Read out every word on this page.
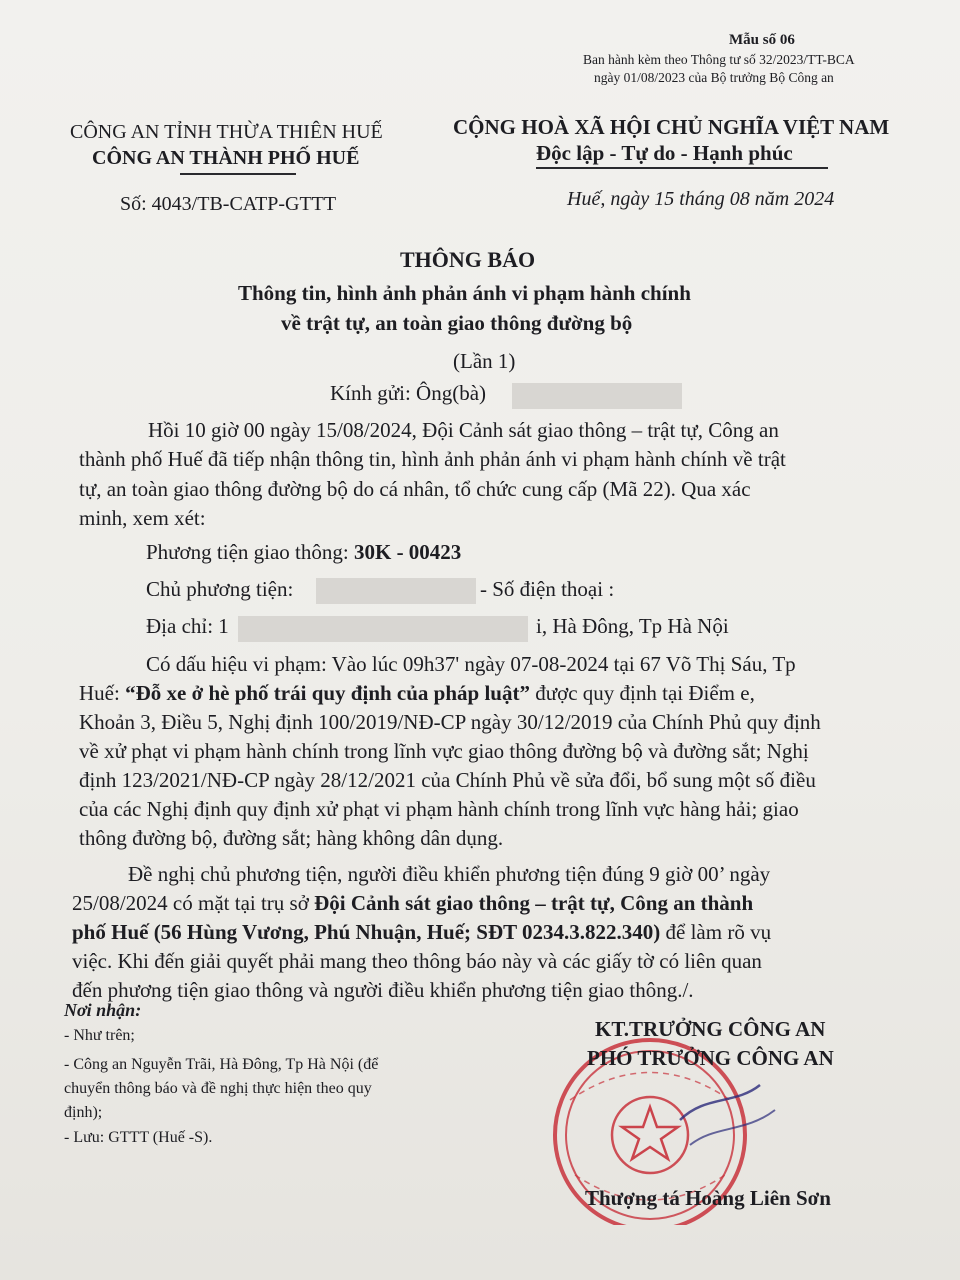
Mẫu số 06
Ban hành kèm theo Thông tư số 32/2023/TT-BCA
ngày 01/08/2023 của Bộ trưởng Bộ Công an
CÔNG AN TỈNH THỪA THIÊN HUẾ
CÔNG AN THÀNH PHỐ HUẾ
Số: 4043/TB-CATP-GTTT
CỘNG HOÀ XÃ HỘI CHỦ NGHĨA VIỆT NAM
Độc lập - Tự do - Hạnh phúc
Huế, ngày 15 tháng 08 năm 2024
THÔNG BÁO
Thông tin, hình ảnh phản ánh vi phạm hành chính
về trật tự, an toàn giao thông đường bộ
(Lần 1)
Kính gửi: Ông(bà)
Hồi 10 giờ 00 ngày 15/08/2024, Đội Cảnh sát giao thông – trật tự, Công an
thành phố Huế đã tiếp nhận thông tin, hình ảnh phản ánh vi phạm hành chính về trật
tự, an toàn giao thông đường bộ do cá nhân, tổ chức cung cấp (Mã 22). Qua xác
minh, xem xét:
Phương tiện giao thông: 30K - 00423
Chủ phương tiện:	- Số điện thoại :
Địa chỉ: 1	i, Hà Đông, Tp Hà Nội
Có dấu hiệu vi phạm: Vào lúc 09h37' ngày 07-08-2024 tại 67 Võ Thị Sáu, Tp
Huế: “Đỗ xe ở hè phố trái quy định của pháp luật” được quy định tại Điểm e,
Khoản 3, Điều 5, Nghị định 100/2019/NĐ-CP ngày 30/12/2019 của Chính Phủ quy định
về xử phạt vi phạm hành chính trong lĩnh vực giao thông đường bộ và đường sắt; Nghị
định 123/2021/NĐ-CP ngày 28/12/2021 của Chính Phủ về sửa đổi, bổ sung một số điều
của các Nghị định quy định xử phạt vi phạm hành chính trong lĩnh vực hàng hải; giao
thông đường bộ, đường sắt; hàng không dân dụng.
Đề nghị chủ phương tiện, người điều khiển phương tiện đúng 9 giờ 00’ ngày
25/08/2024 có mặt tại trụ sở Đội Cảnh sát giao thông – trật tự, Công an thành
phố Huế (56 Hùng Vương, Phú Nhuận, Huế; SĐT 0234.3.822.340) để làm rõ vụ
việc. Khi đến giải quyết phải mang theo thông báo này và các giấy tờ có liên quan
đến phương tiện giao thông và người điều khiển phương tiện giao thông./.
Nơi nhận:
- Như trên;
- Công an Nguyễn Trãi, Hà Đông, Tp Hà Nội (để
chuyển thông báo và đề nghị thực hiện theo quy
định);
- Lưu: GTTT (Huế -S).
KT.TRƯỞNG CÔNG AN
PHÓ TRƯỞNG CÔNG AN
Thượng tá Hoàng Liên Sơn
